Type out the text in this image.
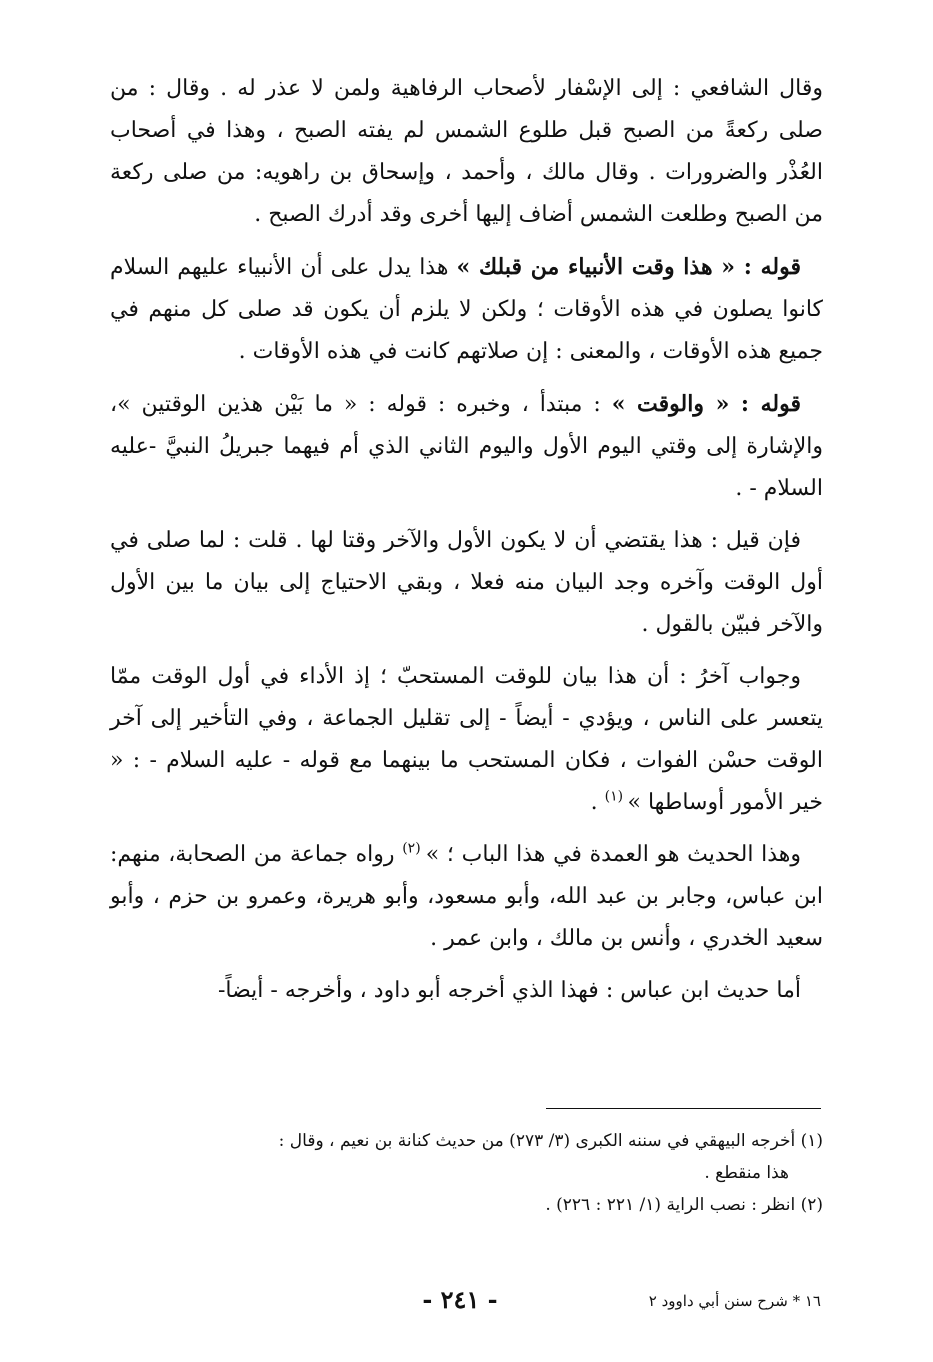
وقال الشافعي : إلى الإسْفار لأصحاب الرفاهية ولمن لا عذر له . وقال : من صلى ركعةً من الصبح قبل طلوع الشمس لم يفته الصبح ، وهذا في أصحاب العُذْر والضرورات . وقال مالك ، وأحمد ، وإسحاق بن راهويه: من صلى ركعة من الصبح وطلعت الشمس أضاف إليها أخرى وقد أدرك الصبح .

قوله : « هذا وقت الأنبياء من قبلك » هذا يدل على أن الأنبياء عليهم السلام كانوا يصلون في هذه الأوقات ؛ ولكن لا يلزم أن يكون قد صلى كل منهم في جميع هذه الأوقات ، والمعنى : إن صلاتهم كانت في هذه الأوقات .

قوله : « والوقت » : مبتدأ ، وخبره : قوله : « ما بَيْن هذين الوقتين »، والإشارة إلى وقتي اليوم الأول واليوم الثاني الذي أم فيهما جبريلُ النبيَّ -عليه السلام - .

فإن قيل : هذا يقتضي أن لا يكون الأول والآخر وقتا لها . قلت : لما صلى في أول الوقت وآخره وجد البيان منه فعلا ، وبقي الاحتياج إلى بيان ما بين الأول والآخر فبيّن بالقول .

وجواب آخرُ : أن هذا بيان للوقت المستحبّ ؛ إذ الأداء في أول الوقت ممّا يتعسر على الناس ، ويؤدي - أيضاً - إلى تقليل الجماعة ، وفي التأخير إلى آخر الوقت حسْن الفوات ، فكان المستحب ما بينهما مع قوله - عليه السلام - : « خير الأمور أوساطها » $^{(١)}$ .

وهذا الحديث هو العمدة في هذا الباب ؛ » $^{(٢)}$ رواه جماعة من الصحابة، منهم: ابن عباس، وجابر بن عبد الله، وأبو مسعود، وأبو هريرة، وعمرو بن حزم ، وأبو سعيد الخدري ، وأنس بن مالك ، وابن عمر .

أما حديث ابن عباس : فهذا الذي أخرجه أبو داود ، وأخرجه - أيضاً-

(١) أخرجه البيهقي في سننه الكبرى (٣/ ٢٧٣) من حديث كنانة بن نعيم ، وقال :

هذا منقطع .

(٢) انظر : نصب الراية (١/ ٢٢١ : ٢٢٦) .

- ٢٤١ -	١٦ * شرح سنن أبي داوود ٢
